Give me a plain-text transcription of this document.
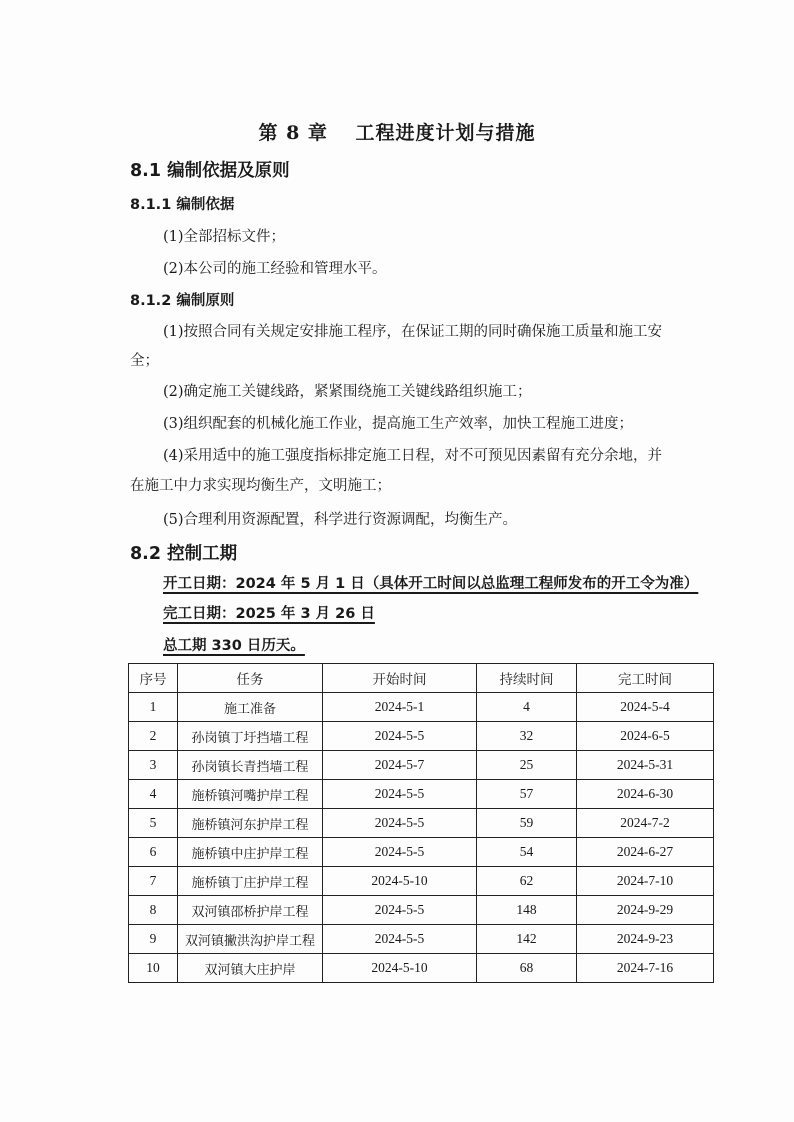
第 8 章　 工程进度计划与措施
8.1 编制依据及原则
8.1.1 编制依据
(1)全部招标文件；
(2)本公司的施工经验和管理水平。
8.1.2 编制原则
(1)按照合同有关规定安排施工程序，在保证工期的同时确保施工质量和施工安
全；
(2)确定施工关键线路，紧紧围绕施工关键线路组织施工；
(3)组织配套的机械化施工作业，提高施工生产效率，加快工程施工进度；
(4)采用适中的施工强度指标排定施工日程，对不可预见因素留有充分余地，并
在施工中力求实现均衡生产，文明施工；
(5)合理利用资源配置，科学进行资源调配，均衡生产。
8.2 控制工期
开工日期：2024 年 5 月 1 日（具体开工时间以总监理工程师发布的开工令为准）
完工日期：2025 年 3 月 26 日
总工期 330 日历天。
序号	任务	开始时间	持续时间	完工时间
1	施工准备	2024-5-1	4	2024-5-4
2	孙岗镇丁圩挡墙工程	2024-5-5	32	2024-6-5
3	孙岗镇长青挡墙工程	2024-5-7	25	2024-5-31
4	施桥镇河嘴护岸工程	2024-5-5	57	2024-6-30
5	施桥镇河东护岸工程	2024-5-5	59	2024-7-2
6	施桥镇中庄护岸工程	2024-5-5	54	2024-6-27
7	施桥镇丁庄护岸工程	2024-5-10	62	2024-7-10
8	双河镇邵桥护岸工程	2024-5-5	148	2024-9-29
9	双河镇撇洪沟护岸工程	2024-5-5	142	2024-9-23
10	双河镇大庄护岸	2024-5-10	68	2024-7-16
